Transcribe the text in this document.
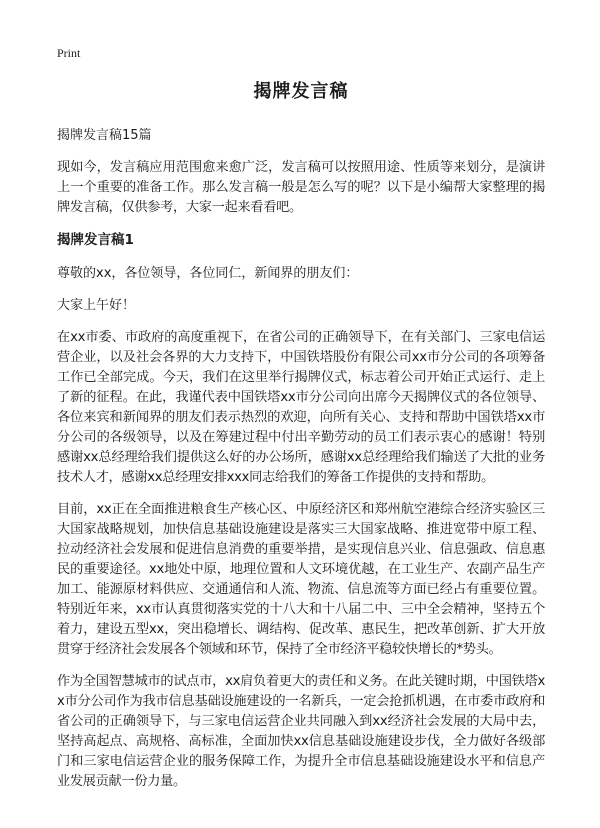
Print
揭牌发言稿
揭牌发言稿15篇

现如今，发言稿应用范围愈来愈广泛，发言稿可以按照用途、性质等来划分，是演讲上一个重要的准备工作。那么发言稿一般是怎么写的呢？以下是小编帮大家整理的揭牌发言稿，仅供参考，大家一起来看看吧。

揭牌发言稿1

尊敬的xx，各位领导，各位同仁，新闻界的朋友们：

大家上午好！

在xx市委、市政府的高度重视下，在省公司的正确领导下，在有关部门、三家电信运营企业，以及社会各界的大力支持下，中国铁塔股份有限公司xx市分公司的各项筹备工作已全部完成。今天，我们在这里举行揭牌仪式，标志着公司开始正式运行、走上了新的征程。在此，我谨代表中国铁塔xx市分公司向出席今天揭牌仪式的各位领导、各位来宾和新闻界的朋友们表示热烈的欢迎，向所有关心、支持和帮助中国铁塔xx市分公司的各级领导，以及在筹建过程中付出辛勤劳动的员工们表示衷心的感谢！特别感谢xx总经理给我们提供这么好的办公场所，感谢xx总经理给我们输送了大批的业务技术人才，感谢xx总经理安排xxx同志给我们的筹备工作提供的支持和帮助。

目前，xx正在全面推进粮食生产核心区、中原经济区和郑州航空港综合经济实验区三大国家战略规划，加快信息基础设施建设是落实三大国家战略、推进宽带中原工程、拉动经济社会发展和促进信息消费的重要举措，是实现信息兴业、信息强政、信息惠民的重要途径。xx地处中原，地理位置和人文环境优越，在工业生产、农副产品生产加工、能源原材料供应、交通通信和人流、物流、信息流等方面已经占有重要位置。特别近年来，xx市认真贯彻落实党的十八大和十八届二中、三中全会精神，坚持五个着力，建设五型xx，突出稳增长、调结构、促改革、惠民生，把改革创新、扩大开放贯穿于经济社会发展各个领域和环节，保持了全市经济平稳较快增长的*势头。

作为全国智慧城市的试点市，xx肩负着更大的责任和义务。在此关键时期，中国铁塔xx市分公司作为我市信息基础设施建设的一名新兵，一定会抢抓机遇，在市委市政府和省公司的正确领导下，与三家电信运营企业共同融入到xx经济社会发展的大局中去，坚持高起点、高规格、高标准，全面加快xx信息基础设施建设步伐，全力做好各级部门和三家电信运营企业的服务保障工作，为提升全市信息基础设施建设水平和信息产业发展贡献一份力量。
